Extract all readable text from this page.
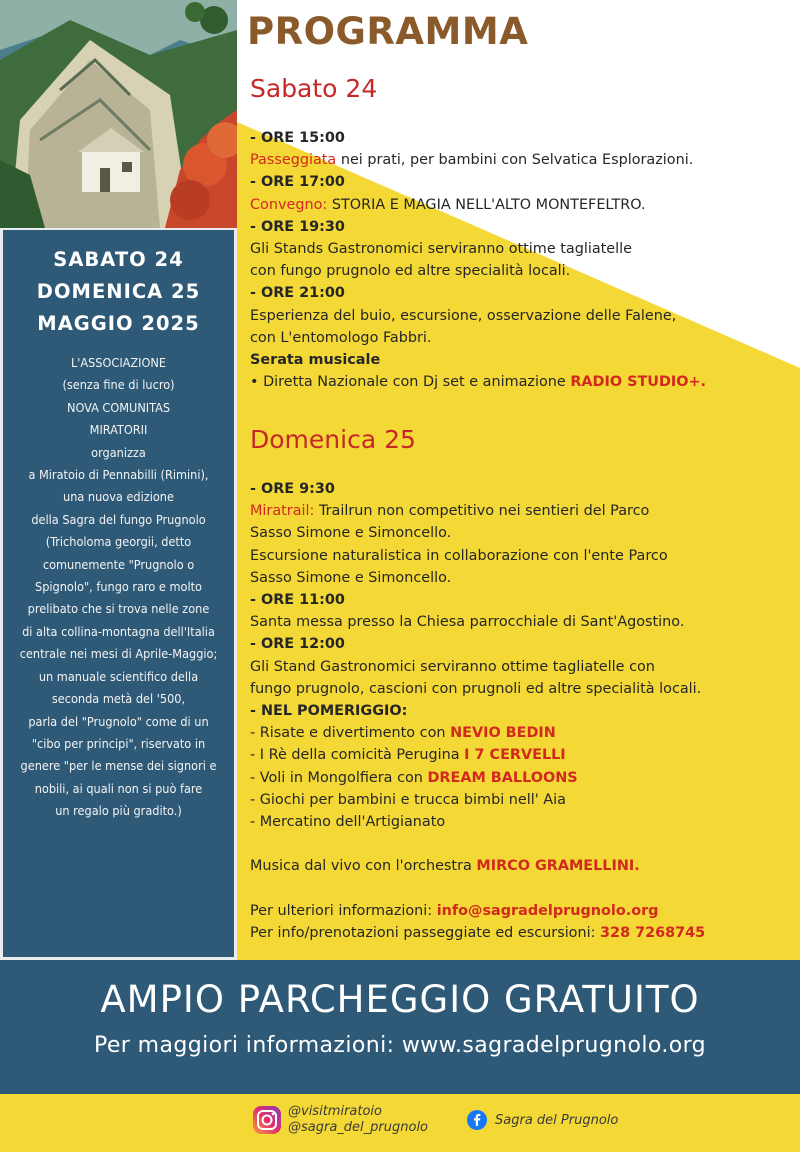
SABATO 24
DOMENICA 25
MAGGIO 2025
L'ASSOCIAZIONE
(senza fine di lucro)
NOVA COMUNITAS
MIRATORII
organizza
a Miratoio di Pennabilli (Rimini),
una nuova edizione
della Sagra del fungo Prugnolo
(Tricholoma georgii, detto
comunemente "Prugnolo o
Spignolo", fungo raro e molto
prelibato che si trova nelle zone
di alta collina-montagna dell'Italia
centrale nei mesi di Aprile-Maggio;
un manuale scientifico della
seconda metà del '500,
parla del "Prugnolo" come di un
"cibo per principi", riservato in
genere "per le mense dei signori e
nobili, ai quali non si può fare
un regalo più gradito.)
PROGRAMMA
Sabato 24
- ORE 15:00
Passeggiata nei prati, per bambini con Selvatica Esplorazioni.
- ORE 17:00
Convegno: STORIA E MAGIA NELL'ALTO MONTEFELTRO.
- ORE 19:30
Gli Stands Gastronomici serviranno ottime tagliatelle
con fungo prugnolo ed altre specialità locali.
- ORE 21:00
Esperienza del buio, escursione, osservazione delle Falene,
con L'entomologo Fabbri.
Serata musicale
• Diretta Nazionale con Dj set e animazione RADIO STUDIO+.
Domenica 25
- ORE 9:30
Miratrail: Trailrun non competitivo nei sentieri del Parco
Sasso Simone e Simoncello.
Escursione naturalistica in collaborazione con l'ente Parco
Sasso Simone e Simoncello.
- ORE 11:00
Santa messa presso la Chiesa parrocchiale di Sant'Agostino.
- ORE 12:00
Gli Stand Gastronomici serviranno ottime tagliatelle con
fungo prugnolo, cascioni con prugnoli ed altre specialità locali.
- NEL POMERIGGIO:
- Risate e divertimento con NEVIO BEDIN
- I Rè della comicità Perugina I 7 CERVELLI
- Voli in Mongolfiera con DREAM BALLOONS
- Giochi per bambini e trucca bimbi nell' Aia
- Mercatino dell'Artigianato

Musica dal vivo con l'orchestra MIRCO GRAMELLINI.

Per ulteriori informazioni: info@sagradelprugnolo.org
Per info/prenotazioni passeggiate ed escursioni: 328 7268745
AMPIO PARCHEGGIO GRATUITO
Per maggiori informazioni: www.sagradelprugnolo.org
@visitmiratoio
@sagra_del_prugnolo	Sagra del Prugnolo
